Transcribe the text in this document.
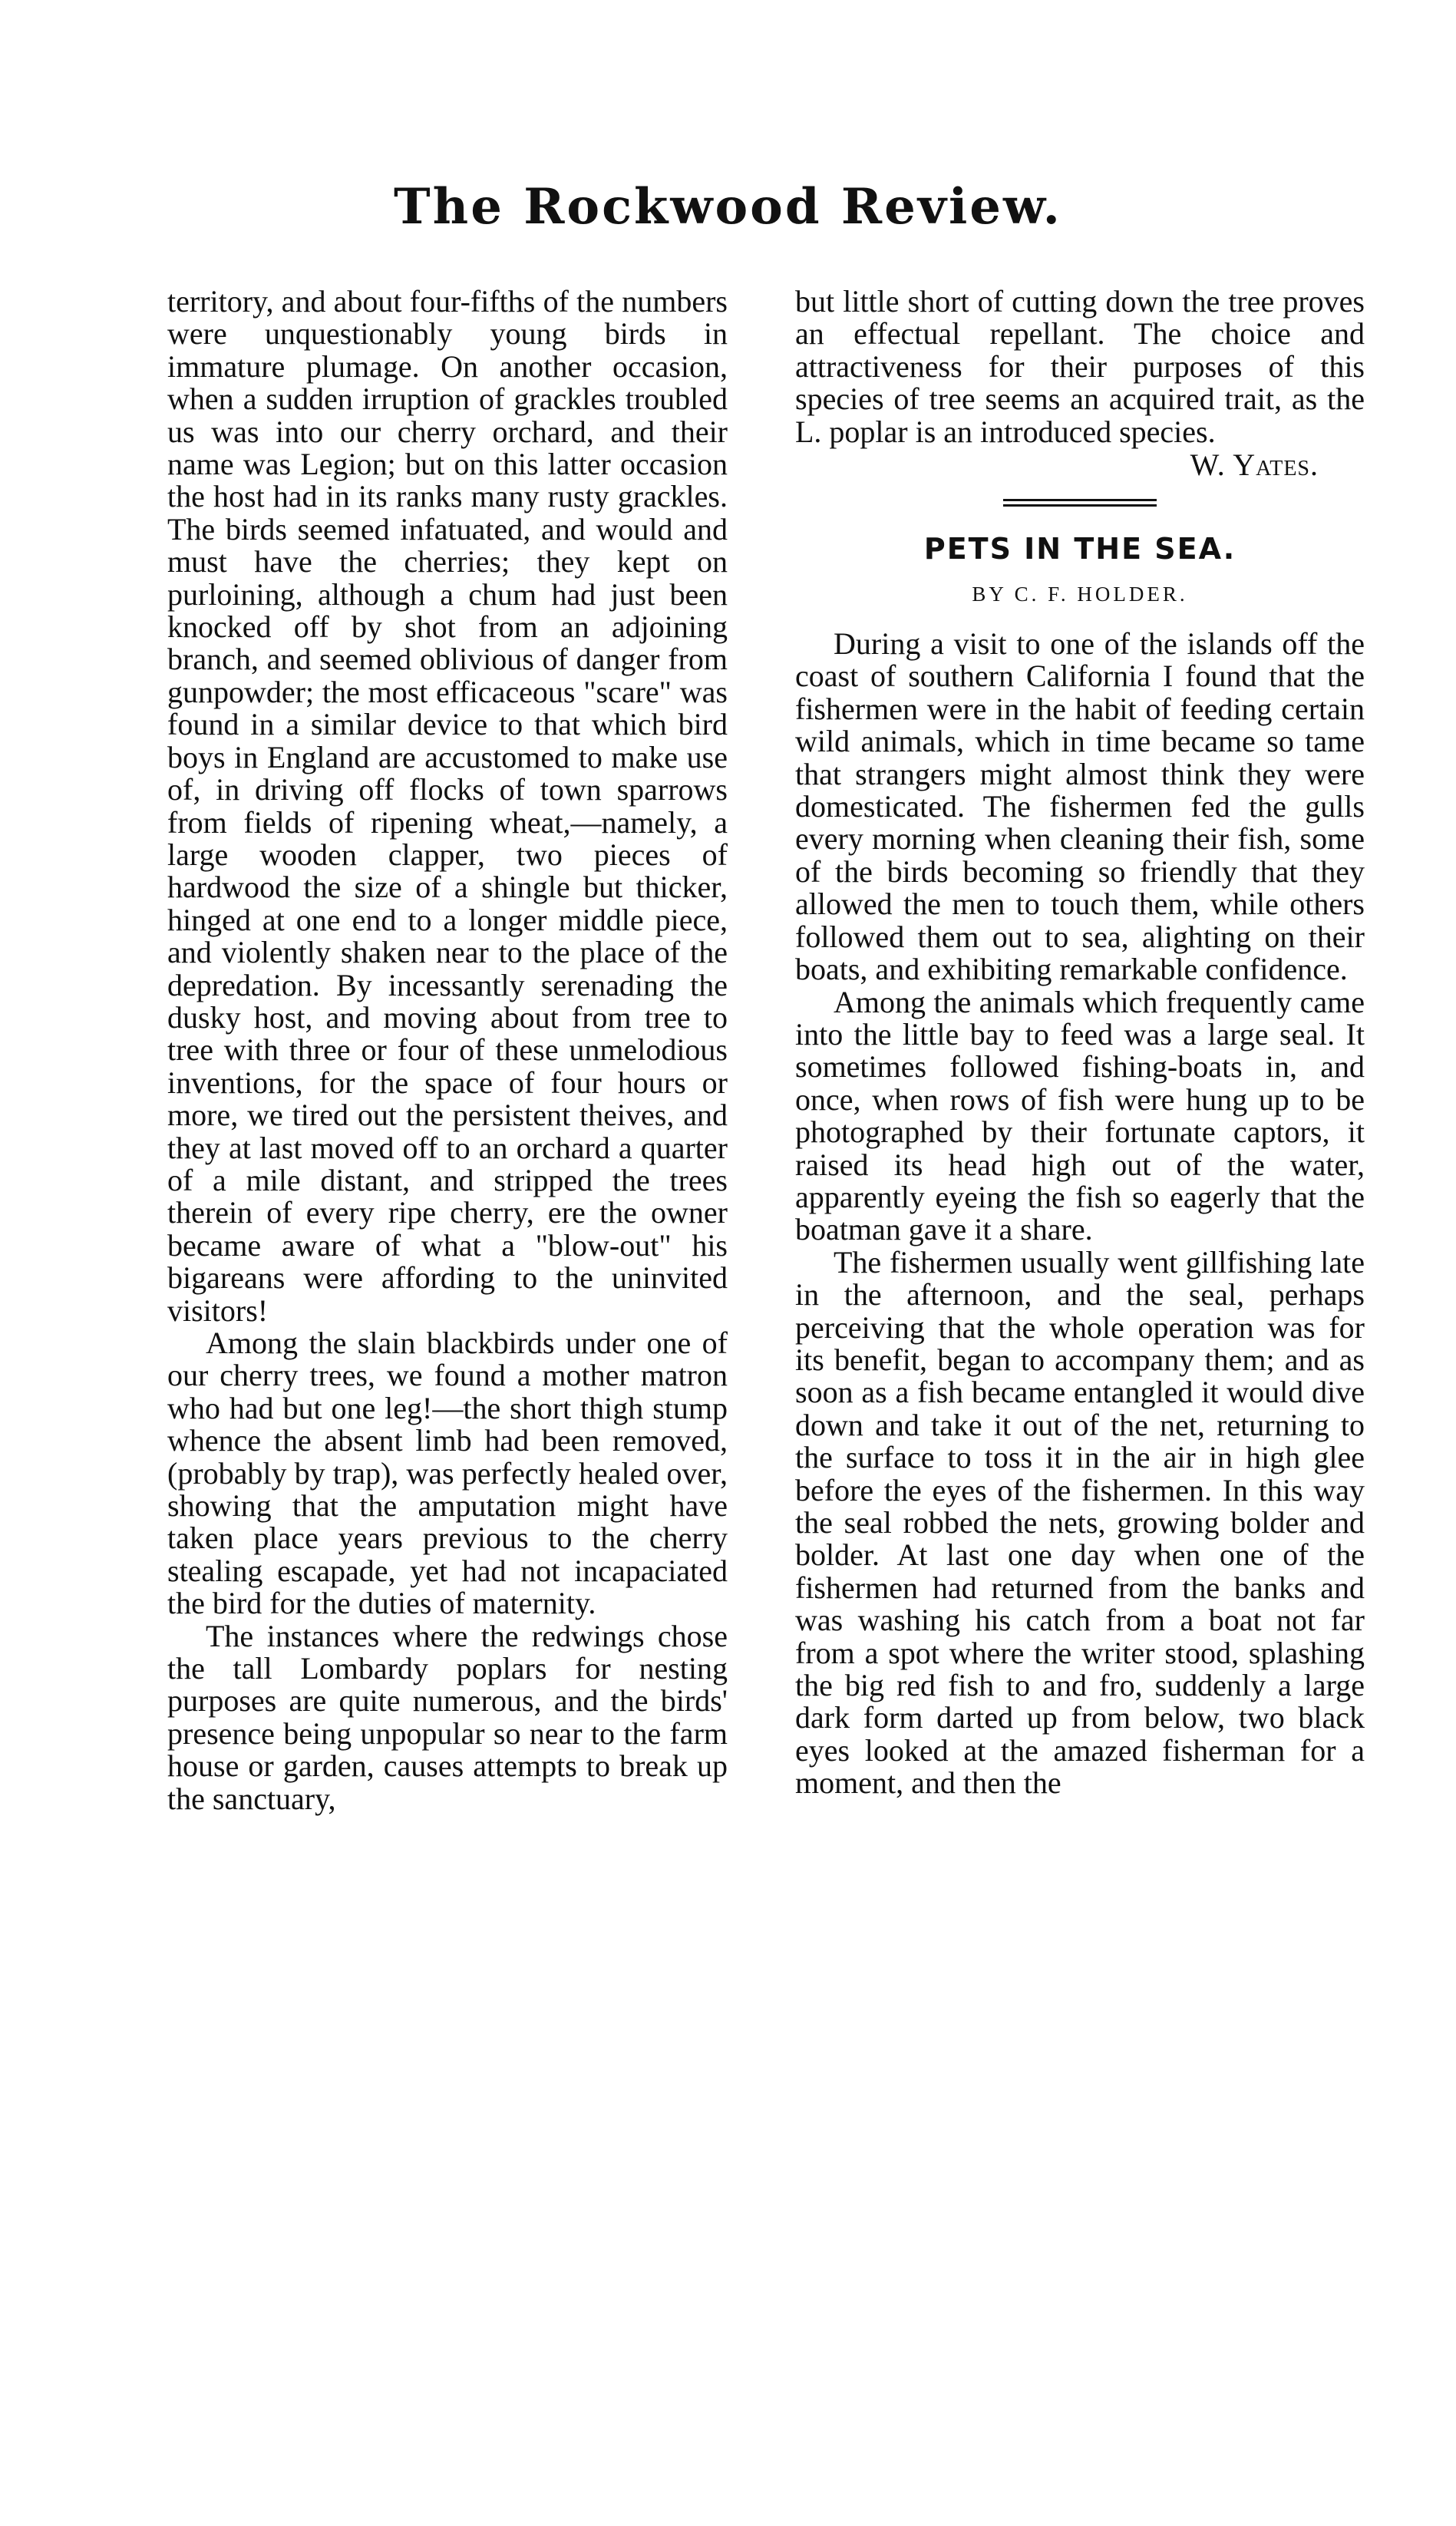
The Rockwood Review.

territory, and about four-fifths of the numbers were unquestionably young birds in immature plumage. On another occasion, when a sudden irruption of grackles troubled us was into our cherry orchard, and their name was Legion; but on this latter occasion the host had in its ranks many rusty grackles. The birds seemed infatuated, and would and must have the cherries; they kept on purloining, although a chum had just been knocked off by shot from an adjoining branch, and seemed oblivious of danger from gunpowder; the most efficaceous "scare" was found in a similar device to that which bird boys in England are accustomed to make use of, in driving off flocks of town sparrows from fields of ripening wheat,—namely, a large wooden clapper, two pieces of hardwood the size of a shingle but thicker, hinged at one end to a longer middle piece, and violently shaken near to the place of the depredation. By incessantly serenading the dusky host, and moving about from tree to tree with three or four of these unmelodious inventions, for the space of four hours or more, we tired out the persistent theives, and they at last moved off to an orchard a quarter of a mile distant, and stripped the trees therein of every ripe cherry, ere the owner became aware of what a "blow-out" his bigareans were affording to the uninvited visitors!

Among the slain blackbirds under one of our cherry trees, we found a mother matron who had but one leg!—the short thigh stump whence the absent limb had been removed, (probably by trap), was perfectly healed over, showing that the amputation might have taken place years previous to the cherry stealing escapade, yet had not incapaciated the bird for the duties of maternity.

The instances where the redwings chose the tall Lombardy poplars for nesting purposes are quite numerous, and the birds' presence being unpopular so near to the farm house or garden, causes attempts to break up the sanctuary,

but little short of cutting down the tree proves an effectual repellant. The choice and attractiveness for their purposes of this species of tree seems an acquired trait, as the L. poplar is an introduced species.

W. Yates.
PETS IN THE SEA.
BY C. F. HOLDER.

During a visit to one of the islands off the coast of southern California I found that the fishermen were in the habit of feeding certain wild animals, which in time became so tame that strangers might almost think they were domesticated. The fishermen fed the gulls every morning when cleaning their fish, some of the birds becoming so friendly that they allowed the men to touch them, while others followed them out to sea, alighting on their boats, and exhibiting remarkable confidence.

Among the animals which frequently came into the little bay to feed was a large seal. It sometimes followed fishing-boats in, and once, when rows of fish were hung up to be photographed by their fortunate captors, it raised its head high out of the water, apparently eyeing the fish so eagerly that the boatman gave it a share.

The fishermen usually went gillfishing late in the afternoon, and the seal, perhaps perceiving that the whole operation was for its benefit, began to accompany them; and as soon as a fish became entangled it would dive down and take it out of the net, returning to the surface to toss it in the air in high glee before the eyes of the fishermen. In this way the seal robbed the nets, growing bolder and bolder. At last one day when one of the fishermen had returned from the banks and was washing his catch from a boat not far from a spot where the writer stood, splashing the big red fish to and fro, suddenly a large dark form darted up from below, two black eyes looked at the amazed fisherman for a moment, and then the
